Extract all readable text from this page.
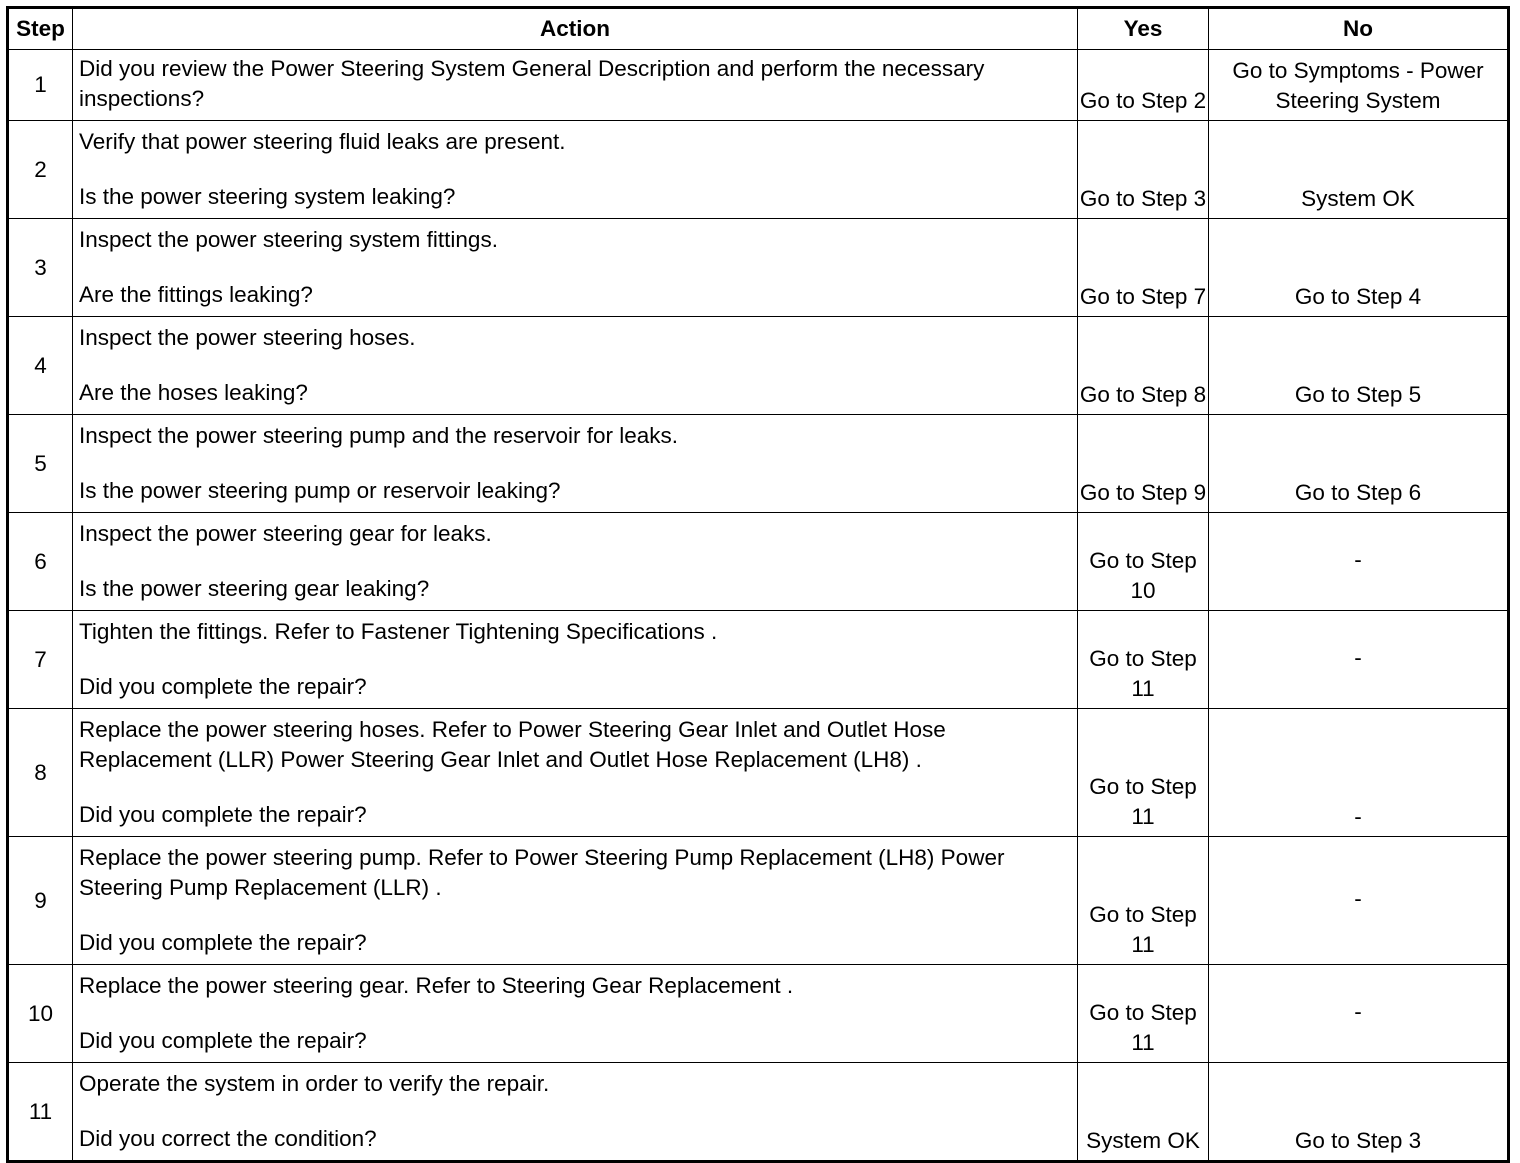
Step	Action	Yes	No
1	Did you review the Power Steering System General Description and perform the necessary inspections?	Go to Step 2	Go to Symptoms - Power Steering System
2	Verify that power steering fluid leaks are present.
Is the power steering system leaking?	Go to Step 3	System OK
3	Inspect the power steering system fittings.
Are the fittings leaking?	Go to Step 7	Go to Step 4
4	Inspect the power steering hoses.
Are the hoses leaking?	Go to Step 8	Go to Step 5
5	Inspect the power steering pump and the reservoir for leaks.
Is the power steering pump or reservoir leaking?	Go to Step 9	Go to Step 6
6	Inspect the power steering gear for leaks.
Is the power steering gear leaking?	Go to Step 10	-
7	Tighten the fittings. Refer to Fastener Tightening Specifications .
Did you complete the repair?	Go to Step 11	-
8	Replace the power steering hoses. Refer to Power Steering Gear Inlet and Outlet Hose Replacement (LLR) Power Steering Gear Inlet and Outlet Hose Replacement (LH8) .
Did you complete the repair?	Go to Step 11	-
9	Replace the power steering pump. Refer to Power Steering Pump Replacement (LH8) Power Steering Pump Replacement (LLR) .
Did you complete the repair?	Go to Step 11	-
10	Replace the power steering gear. Refer to Steering Gear Replacement .
Did you complete the repair?	Go to Step 11	-
11	Operate the system in order to verify the repair.
Did you correct the condition?	System OK	Go to Step 3
